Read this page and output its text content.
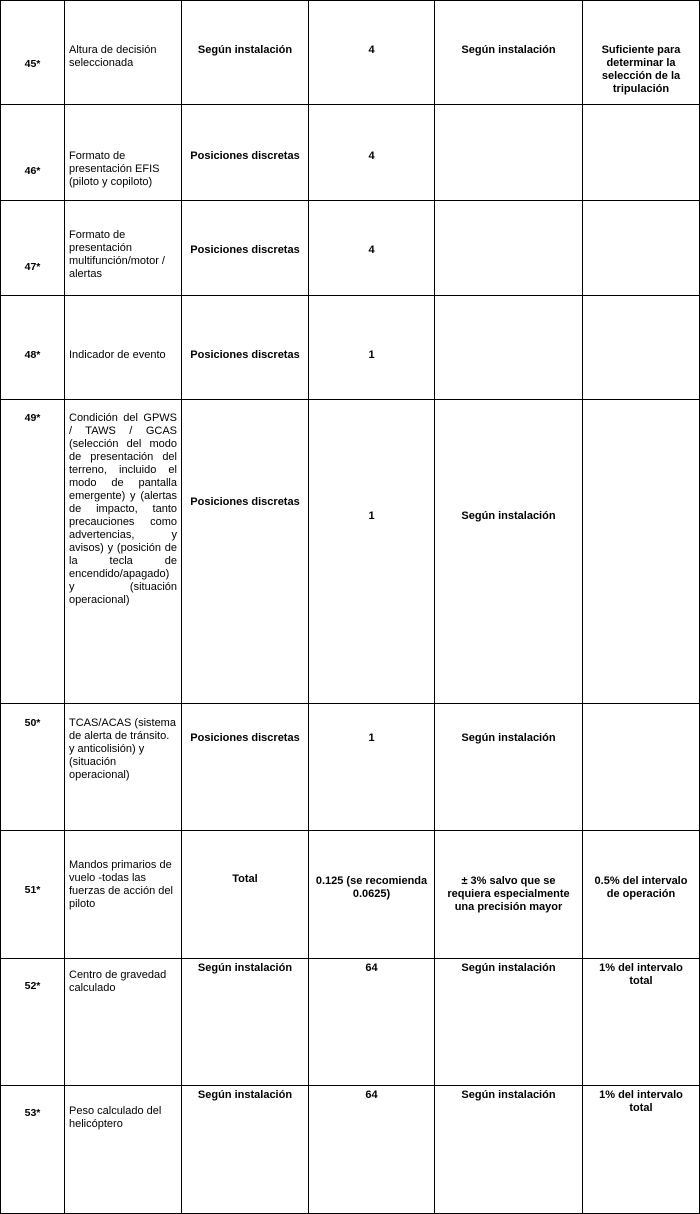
45*	Altura de decisión seleccionada	Según instalación	4	Según instalación	Suficiente para determinar la selección de la tripulación
46*	Formato de presentación EFIS (piloto y copiloto)	Posiciones discretas	4		
47*	Formato de presentación multifunción/motor / alertas	Posiciones discretas	4		
48*	Indicador de evento	Posiciones discretas	1		
49*	Condición del GPWS / TAWS / GCAS (selección del modo de presentación del terreno, incluido el modo de pantalla emergente) y (alertas de impacto, tanto precauciones como advertencias, y avisos) y (posición de la tecla de encendido/apagado) y (situación operacional)	Posiciones discretas	1	Según instalación	
50*	TCAS/ACAS (sistema de alerta de tránsito. y anticolisión) y (situación operacional)	Posiciones discretas	1	Según instalación	
51*	Mandos primarios de vuelo -todas las fuerzas de acción del piloto	Total	0.125 (se recomienda 0.0625)	± 3% salvo que se requiera especialmente una precisión mayor	0.5% del intervalo de operación
52*	Centro de gravedad calculado	Según instalación	64	Según instalación	1% del intervalo total
53*	Peso calculado del helicóptero	Según instalación	64	Según instalación	1% del intervalo total
